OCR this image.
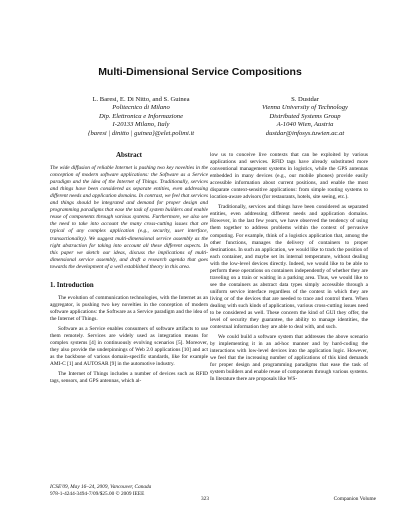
Multi-Dimensional Service Compositions
L. Baresi, E. Di Nitto, and S. Guinea
Politecnico di Milano
Dip. Elettronica e Informazione
I-20133 Milano, Italy
{baresi | dinitto | guinea}@elet.polimi.it
S. Dustdar
Vienna University of Technology
Distributed Systems Group
A-1040 Wien, Austria
dustdar@infosys.tuwien.ac.at
Abstract
The wide diffusion of reliable Internet is pushing two key novelties in the conception of modern software applications: the Software as a Service paradigm and the idea of the Internet of Things. Traditionally, services and things have been considered as separate entities, even addressing different needs and application domains. In contrast, we feel that services and things should be integrated and demand for proper design and programming paradigms that ease the task of system builders and enable reuse of components through various systems. Furthermore, we also see the need to take into account the many cross-cutting issues that are typical of any complex application (e.g., security, user interface, transactionality). We suggest multi-dimensional service assembly as the right abstraction for taking into account all these different aspects. In this paper we sketch our ideas, discuss the implications of multi-dimensional service assembly, and draft a research agenda that goes towards the development of a well established theory in this area.
1. Introduction
The evolution of communication technologies, with the Internet as an aggregator, is pushing two key novelties in the conception of modern software applications: the Software as a Service paradigm and the idea of the Internet of Things.
Software as a Service enables consumers of software artifacts to use them remotely. Services are widely used as integration means for complex systems [4] in continuously evolving scenarios [5]. Moreover, they also provide the underpinnings of Web 2.0 applications [10] and act as the backbone of various domain-specific standards, like for example AMI-C [1] and AUTOSAR [9] in the automotive industry.
The Internet of Things includes a number of devices such as RFID tags, sensors, and GPS antennas, which al-
low us to conceive live contexts that can be exploited by various applications and services. RFID tags have already substituted more conventional management systems in logistics, while the GPS antennas embedded in many devices (e.g., our mobile phones) provide easily accessible information about current positions, and enable the most disparate context-sensitive applications: from simple routing systems to location-aware advisors (for restaurants, hotels, site seeing, etc.).
Traditionally, services and things have been considered as separated entities, even addressing different needs and application domains. However, in the last few years, we have observed the tendency of using them together to address problems within the context of pervasive computing. For example, think of a logistics application that, among the other functions, manages the delivery of containers to proper destinations. In such an application, we would like to track the position of each container, and maybe set its internal temperature, without dealing with the low-level devices directly. Indeed, we would like to be able to perform these operations on containers independently of whether they are traveling on a train or waiting in a parking area. Thus, we would like to see the containers as abstract data types simply accessible through a uniform service interface regardless of the context in which they are living or of the devices that are needed to trace and control them. When dealing with such kinds of applications, various cross-cutting issues need to be considered as well. These concern the kind of GUI they offer, the level of security they guarantee, the ability to manage identities, the contextual information they are able to deal with, and such.
We could build a software system that addresses the above scenario by implementing it in an ad-hoc manner and by hard-coding the interactions with low-level devices into the application logic. However, we feel that the increasing number of applications of this kind demands for proper design and programming paradigms that ease the task of system builders and enable reuse of components through various systems. In literature there are proposals like WS-
ICSE'09, May 16–24, 2009, Vancouver, Canada
978-1-4244-3494-7/09/$25.00 © 2009 IEEE
323	Companion Volume
